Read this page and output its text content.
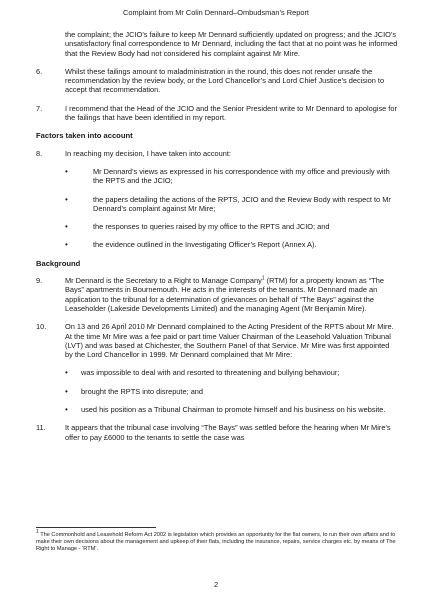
Complaint from Mr Colin Dennard–Ombudsman’s Report

the complaint; the JCIO’s failure to keep Mr Dennard sufficiently updated on progress; and the JCIO’s unsatisfactory final correspondence to Mr Dennard, including the fact that at no point was he informed that the Review Body had not considered his complaint against Mr Mire.

6.	Whilst these failings amount to maladministration in the round, this does not render unsafe the recommendation by the review body, or the Lord Chancellor’s and Lord Chief Justice’s decision to accept that recommendation.
7.	I recommend that the Head of the JCIO and the Senior President write to Mr Dennard to apologise for the failings that have been identified in my report.

Factors taken into account

8.	In reaching my decision, I have taken into account:
•	Mr Dennard’s views as expressed in his correspondence with my office and previously with the RPTS and the JCIO;
•	the papers detailing the actions of the RPTS, JCIO and the Review Body with respect to Mr Dennard’s complaint against Mr Mire;
•	the responses to queries raised by my office to the RPTS and JCIO; and
•	the evidence outlined in the Investigating Officer’s Report (Annex A).

Background

9.	Mr Dennard is the Secretary to a Right to Manage Company$^1$ (RTM) for a property known as “The Bays” apartments in Bournemouth. He acts in the interests of the tenants. Mr Dennard made an application to the tribunal for a determination of grievances on behalf of “The Bays” against the Leaseholder (Lakeside Developments Limited) and the managing Agent (Mr Benjamin Mire).
10.	On 13 and 26 April 2010 Mr Dennard complained to the Acting President of the RPTS about Mr Mire. At the time Mr Mire was a fee paid or part time Valuer Chairman of the Leasehold Valuation Tribunal (LVT) and was based at Chichester, the Southern Panel of that Service. Mr Mire was first appointed by the Lord Chancellor in 1999. Mr Dennard complained that Mr Mire:
•	was impossible to deal with and resorted to threatening and bullying behaviour;
•	brought the RPTS into disrepute; and
•	used his position as a Tribunal Chairman to promote himself and his business on his website.
11.	It appears that the tribunal case involving “The Bays” was settled before the hearing when Mr Mire’s offer to pay £6000 to the tenants to settle the case was

$^1$ The Commonhold and Leasehold Reform Act 2002 is legislation which provides an opportunity for the flat owners, to run their own affairs and to make their own decisions about the management and upkeep of their flats, including the insurance, repairs, service charges etc. by means of The Right to Manage - ‘RTM’.

2
